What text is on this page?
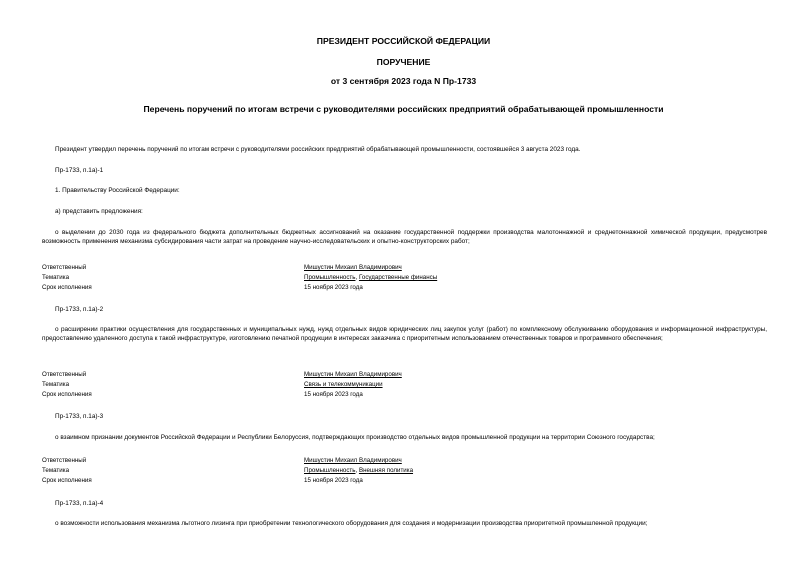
ПРЕЗИДЕНТ РОССИЙСКОЙ ФЕДЕРАЦИИ
ПОРУЧЕНИЕ
от 3 сентября 2023 года N Пр-1733
Перечень поручений по итогам встречи с руководителями российских предприятий обрабатывающей промышленности
Президент утвердил перечень поручений по итогам встречи с руководителями российских предприятий обрабатывающей промышленности, состоявшейся 3 августа 2023 года.
Пр-1733, п.1а)-1
1. Правительству Российской Федерации:
а) представить предложения:
о выделении до 2030 года из федерального бюджета дополнительных бюджетных ассигнований на оказание государственной поддержки производства малотоннажной и среднетоннажной химической продукции, предусмотрев возможность применения механизма субсидирования части затрат на проведение научно-исследовательских и опытно-конструкторских работ;
Ответственный	Мишустин Михаил Владимирович
Тематика	Промышленность, Государственные финансы
Срок исполнения	15 ноября 2023 года
Пр-1733, п.1а)-2
о расширении практики осуществления для государственных и муниципальных нужд, нужд отдельных видов юридических лиц закупок услуг (работ) по комплексному обслуживанию оборудования и информационной инфраструктуры, предоставлению удаленного доступа к такой инфраструктуре, изготовлению печатной продукции в интересах заказчика с приоритетным использованием отечественных товаров и программного обеспечения;
Ответственный	Мишустин Михаил Владимирович
Тематика	Связь и телекоммуникации
Срок исполнения	15 ноября 2023 года
Пр-1733, п.1а)-3
о взаимном признании документов Российской Федерации и Республики Белоруссия, подтверждающих производство отдельных видов промышленной продукции на территории Союзного государства;
Ответственный	Мишустин Михаил Владимирович
Тематика	Промышленность, Внешняя политика
Срок исполнения	15 ноября 2023 года
Пр-1733, п.1а)-4
о возможности использования механизма льготного лизинга при приобретении технологического оборудования для создания и модернизации производства приоритетной промышленной продукции;
